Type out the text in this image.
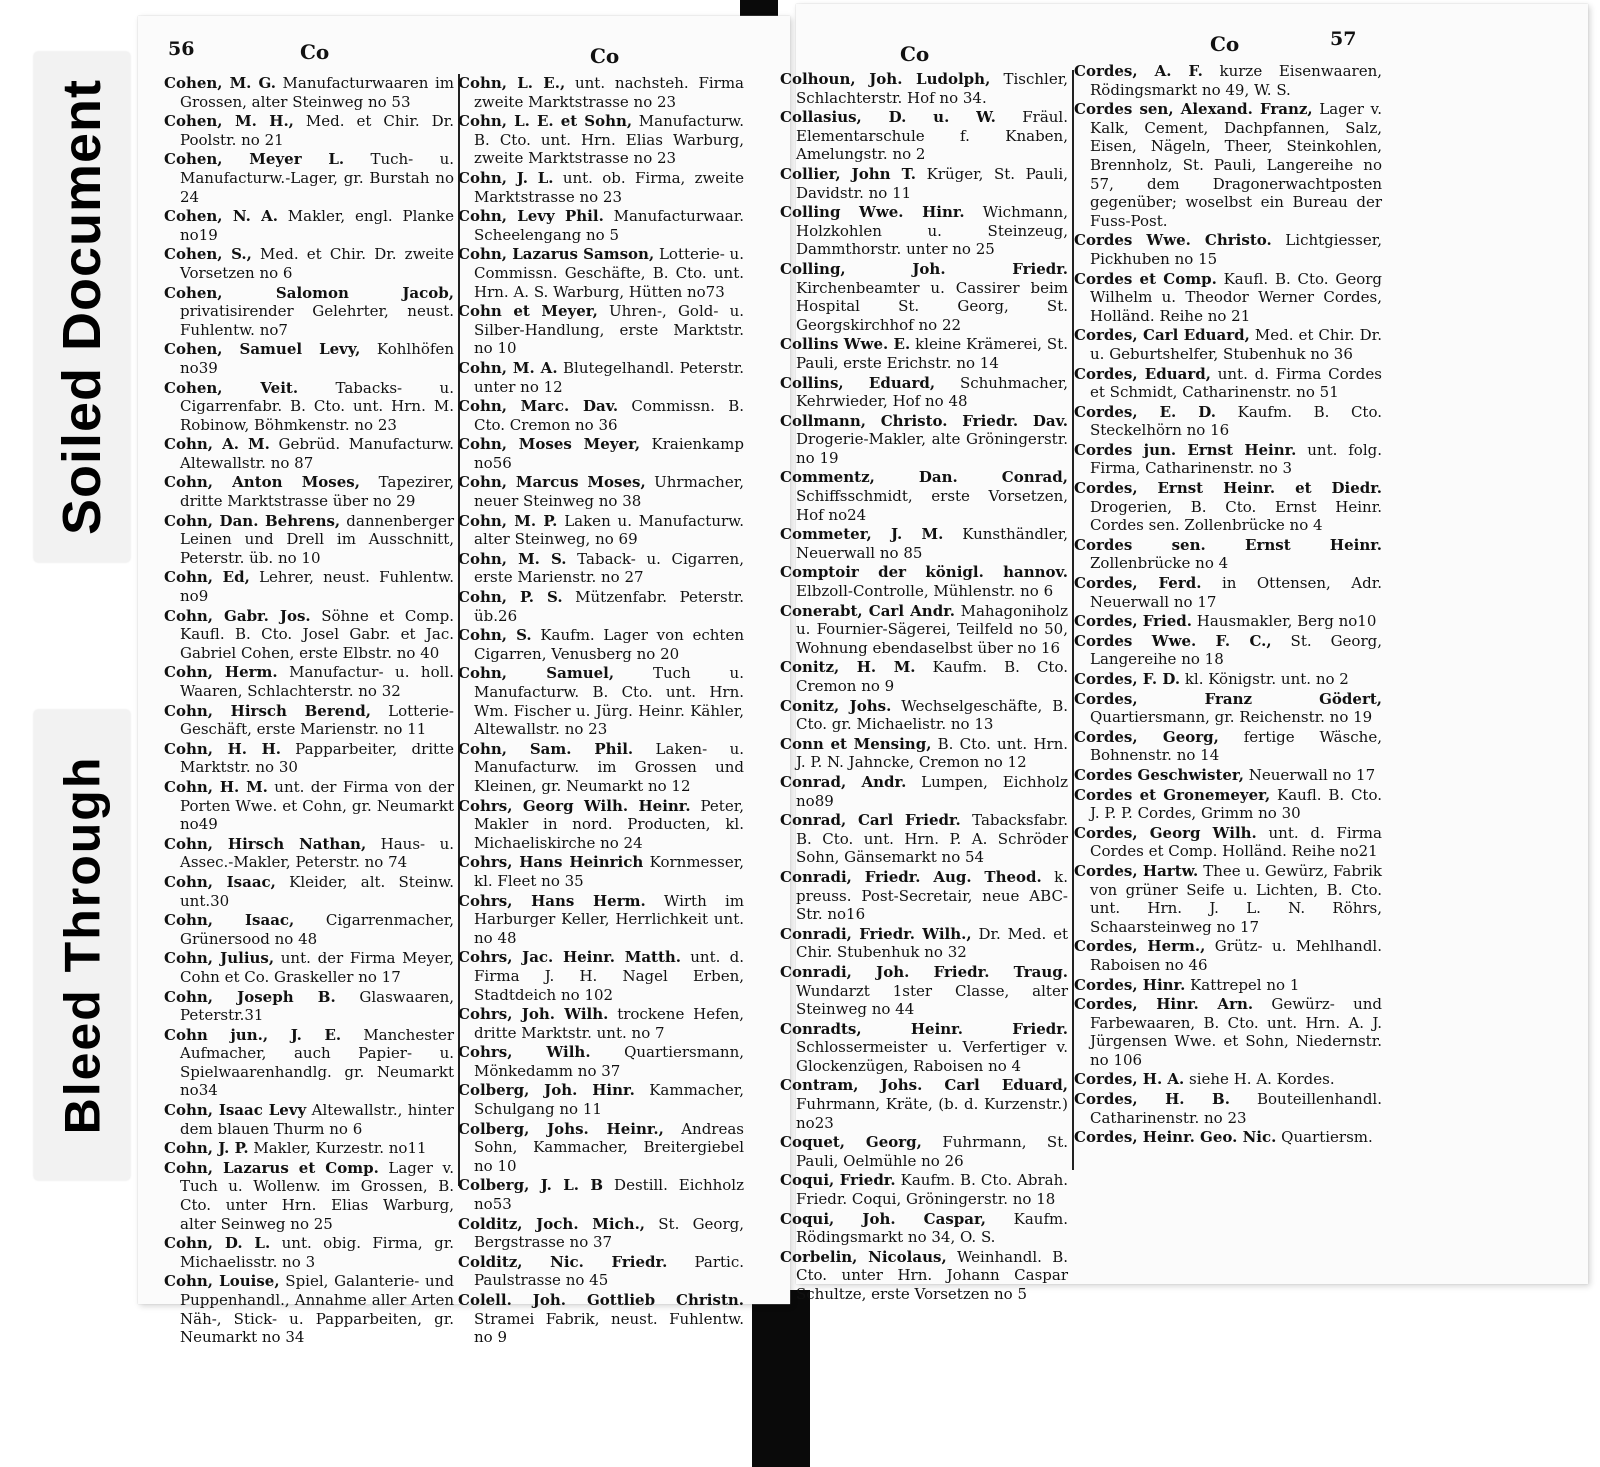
Soiled Document
Bleed Through
56	Co	Co

Cohen, M. G. Manufacturwaaren im Grossen, alter Steinweg no 53

Cohen, M. H., Med. et Chir. Dr. Poolstr. no 21

Cohen, Meyer L. Tuch- u. Manufacturw.-Lager, gr. Burstah no 24

Cohen, N. A. Makler, engl. Planke no19

Cohen, S., Med. et Chir. Dr. zweite Vorsetzen no 6

Cohen, Salomon Jacob, privatisirender Gelehrter, neust. Fuhlentw. no7

Cohen, Samuel Levy, Kohlhöfen no39

Cohen, Veit. Tabacks- u. Cigarrenfabr. B. Cto. unt. Hrn. M. Robinow, Böhmkenstr. no 23

Cohn, A. M. Gebrüd. Manufacturw. Altewallstr. no 87

Cohn, Anton Moses, Tapezirer, dritte Marktstrasse über no 29

Cohn, Dan. Behrens, dannenberger Leinen und Drell im Ausschnitt, Peterstr. üb. no 10

Cohn, Ed, Lehrer, neust. Fuhlentw. no9

Cohn, Gabr. Jos. Söhne et Comp. Kaufl. B. Cto. Josel Gabr. et Jac. Gabriel Cohen, erste Elbstr. no 40

Cohn, Herm. Manufactur- u. holl. Waaren, Schlachterstr. no 32

Cohn, Hirsch Berend, Lotterie-Geschäft, erste Marienstr. no 11

Cohn, H. H. Papparbeiter, dritte Marktstr. no 30

Cohn, H. M. unt. der Firma von der Porten Wwe. et Cohn, gr. Neumarkt no49

Cohn, Hirsch Nathan, Haus- u. Assec.-Makler, Peterstr. no 74

Cohn, Isaac, Kleider, alt. Steinw. unt.30

Cohn, Isaac, Cigarrenmacher, Grünersood no 48

Cohn, Julius, unt. der Firma Meyer, Cohn et Co. Graskeller no 17

Cohn, Joseph B. Glaswaaren, Peterstr.31

Cohn jun., J. E. Manchester Aufmacher, auch Papier- u. Spielwaarenhandlg. gr. Neumarkt no34

Cohn, Isaac Levy Altewallstr., hinter dem blauen Thurm no 6

Cohn, J. P. Makler, Kurzestr. no11

Cohn, Lazarus et Comp. Lager v. Tuch u. Wollenw. im Grossen, B. Cto. unter Hrn. Elias Warburg, alter Seinweg no 25

Cohn, D. L. unt. obig. Firma, gr. Michaelisstr. no 3

Cohn, Louise, Spiel, Galanterie- und Puppenhandl., Annahme aller Arten Näh-, Stick- u. Papparbeiten, gr. Neumarkt no 34

Cohn, L. E., unt. nachsteh. Firma zweite Marktstrasse no 23

Cohn, L. E. et Sohn, Manufacturw. B. Cto. unt. Hrn. Elias Warburg, zweite Marktstrasse no 23

Cohn, J. L. unt. ob. Firma, zweite Marktstrasse no 23

Cohn, Levy Phil. Manufacturwaar. Scheelengang no 5

Cohn, Lazarus Samson, Lotterie- u. Commissn. Geschäfte, B. Cto. unt. Hrn. A. S. Warburg, Hütten no73

Cohn et Meyer, Uhren-, Gold- u. Silber-Handlung, erste Marktstr. no 10

Cohn, M. A. Blutegelhandl. Peterstr. unter no 12

Cohn, Marc. Dav. Commissn. B. Cto. Cremon no 36

Cohn, Moses Meyer, Kraienkamp no56

Cohn, Marcus Moses, Uhrmacher, neuer Steinweg no 38

Cohn, M. P. Laken u. Manufacturw. alter Steinweg, no 69

Cohn, M. S. Taback- u. Cigarren, erste Marienstr. no 27

Cohn, P. S. Mützenfabr. Peterstr. üb.26

Cohn, S. Kaufm. Lager von echten Cigarren, Venusberg no 20

Cohn, Samuel, Tuch u. Manufacturw. B. Cto. unt. Hrn. Wm. Fischer u. Jürg. Heinr. Kähler, Altewallstr. no 23

Cohn, Sam. Phil. Laken- u. Manufacturw. im Grossen und Kleinen, gr. Neumarkt no 12

Cohrs, Georg Wilh. Heinr. Peter, Makler in nord. Producten, kl. Michaeliskirche no 24

Cohrs, Hans Heinrich Kornmesser, kl. Fleet no 35

Cohrs, Hans Herm. Wirth im Harburger Keller, Herrlichkeit unt. no 48

Cohrs, Jac. Heinr. Matth. unt. d. Firma J. H. Nagel Erben, Stadtdeich no 102

Cohrs, Joh. Wilh. trockene Hefen, dritte Marktstr. unt. no 7

Cohrs, Wilh. Quartiersmann, Mönkedamm no 37

Colberg, Joh. Hinr. Kammacher, Schulgang no 11

Colberg, Johs. Heinr., Andreas Sohn, Kammacher, Breitergiebel no 10

Colberg, J. L. B Destill. Eichholz no53

Colditz, Joch. Mich., St. Georg, Bergstrasse no 37

Colditz, Nic. Friedr. Partic. Paulstrasse no 45

Colell. Joh. Gottlieb Christn. Stramei Fabrik, neust. Fuhlentw. no 9

Co	Co	57

Colhoun, Joh. Ludolph, Tischler, Schlachterstr. Hof no 34.

Collasius, D. u. W. Fräul. Elementarschule f. Knaben, Amelungstr. no 2

Collier, John T. Krüger, St. Pauli, Davidstr. no 11

Colling Wwe. Hinr. Wichmann, Holzkohlen u. Steinzeug, Dammthorstr. unter no 25

Colling, Joh. Friedr. Kirchenbeamter u. Cassirer beim Hospital St. Georg, St. Georgskirchhof no 22

Collins Wwe. E. kleine Krämerei, St. Pauli, erste Erichstr. no 14

Collins, Eduard, Schuhmacher, Kehrwieder, Hof no 48

Collmann, Christo. Friedr. Dav. Drogerie-Makler, alte Gröningerstr. no 19

Commentz, Dan. Conrad, Schiffsschmidt, erste Vorsetzen, Hof no24

Commeter, J. M. Kunsthändler, Neuerwall no 85

Comptoir der königl. hannov. Elbzoll-Controlle, Mühlenstr. no 6

Conerabt, Carl Andr. Mahagoniholz u. Fournier-Sägerei, Teilfeld no 50, Wohnung ebendaselbst über no 16

Conitz, H. M. Kaufm. B. Cto. Cremon no 9

Conitz, Johs. Wechselgeschäfte, B. Cto. gr. Michaelistr. no 13

Conn et Mensing, B. Cto. unt. Hrn. J. P. N. Jahncke, Cremon no 12

Conrad, Andr. Lumpen, Eichholz no89

Conrad, Carl Friedr. Tabacksfabr. B. Cto. unt. Hrn. P. A. Schröder Sohn, Gänsemarkt no 54

Conradi, Friedr. Aug. Theod. k. preuss. Post-Secretair, neue ABC-Str. no16

Conradi, Friedr. Wilh., Dr. Med. et Chir. Stubenhuk no 32

Conradi, Joh. Friedr. Traug. Wundarzt 1ster Classe, alter Steinweg no 44

Conradts, Heinr. Friedr. Schlossermeister u. Verfertiger v. Glockenzügen, Raboisen no 4

Contram, Johs. Carl Eduard, Fuhrmann, Kräte, (b. d. Kurzenstr.) no23

Coquet, Georg, Fuhrmann, St. Pauli, Oelmühle no 26

Coqui, Friedr. Kaufm. B. Cto. Abrah. Friedr. Coqui, Gröningerstr. no 18

Coqui, Joh. Caspar, Kaufm. Rödingsmarkt no 34, O. S.

Corbelin, Nicolaus, Weinhandl. B. Cto. unter Hrn. Johann Caspar Schultze, erste Vorsetzen no 5

Cordes, A. F. kurze Eisenwaaren, Rödingsmarkt no 49, W. S.

Cordes sen, Alexand. Franz, Lager v. Kalk, Cement, Dachpfannen, Salz, Eisen, Nägeln, Theer, Steinkohlen, Brennholz, St. Pauli, Langereihe no 57, dem Dragonerwachtposten gegenüber; woselbst ein Bureau der Fuss-Post.

Cordes Wwe. Christo. Lichtgiesser, Pickhuben no 15

Cordes et Comp. Kaufl. B. Cto. Georg Wilhelm u. Theodor Werner Cordes, Holländ. Reihe no 21

Cordes, Carl Eduard, Med. et Chir. Dr. u. Geburtshelfer, Stubenhuk no 36

Cordes, Eduard, unt. d. Firma Cordes et Schmidt, Catharinenstr. no 51

Cordes, E. D. Kaufm. B. Cto. Steckelhörn no 16

Cordes jun. Ernst Heinr. unt. folg. Firma, Catharinenstr. no 3

Cordes, Ernst Heinr. et Diedr. Drogerien, B. Cto. Ernst Heinr. Cordes sen. Zollenbrücke no 4

Cordes sen. Ernst Heinr. Zollenbrücke no 4

Cordes, Ferd. in Ottensen, Adr. Neuerwall no 17

Cordes, Fried. Hausmakler, Berg no10

Cordes Wwe. F. C., St. Georg, Langereihe no 18

Cordes, F. D. kl. Königstr. unt. no 2

Cordes, Franz Gödert, Quartiersmann, gr. Reichenstr. no 19

Cordes, Georg, fertige Wäsche, Bohnenstr. no 14

Cordes Geschwister, Neuerwall no 17

Cordes et Gronemeyer, Kaufl. B. Cto. J. P. P. Cordes, Grimm no 30

Cordes, Georg Wilh. unt. d. Firma Cordes et Comp. Holländ. Reihe no21

Cordes, Hartw. Thee u. Gewürz, Fabrik von grüner Seife u. Lichten, B. Cto. unt. Hrn. J. L. N. Röhrs, Schaarsteinweg no 17

Cordes, Herm., Grütz- u. Mehlhandl. Raboisen no 46

Cordes, Hinr. Kattrepel no 1

Cordes, Hinr. Arn. Gewürz- und Farbewaaren, B. Cto. unt. Hrn. A. J. Jürgensen Wwe. et Sohn, Niedernstr. no 106

Cordes, H. A. siehe H. A. Kordes.

Cordes, H. B. Bouteillenhandl. Catharinenstr. no 23

Cordes, Heinr. Geo. Nic. Quartiersm.
